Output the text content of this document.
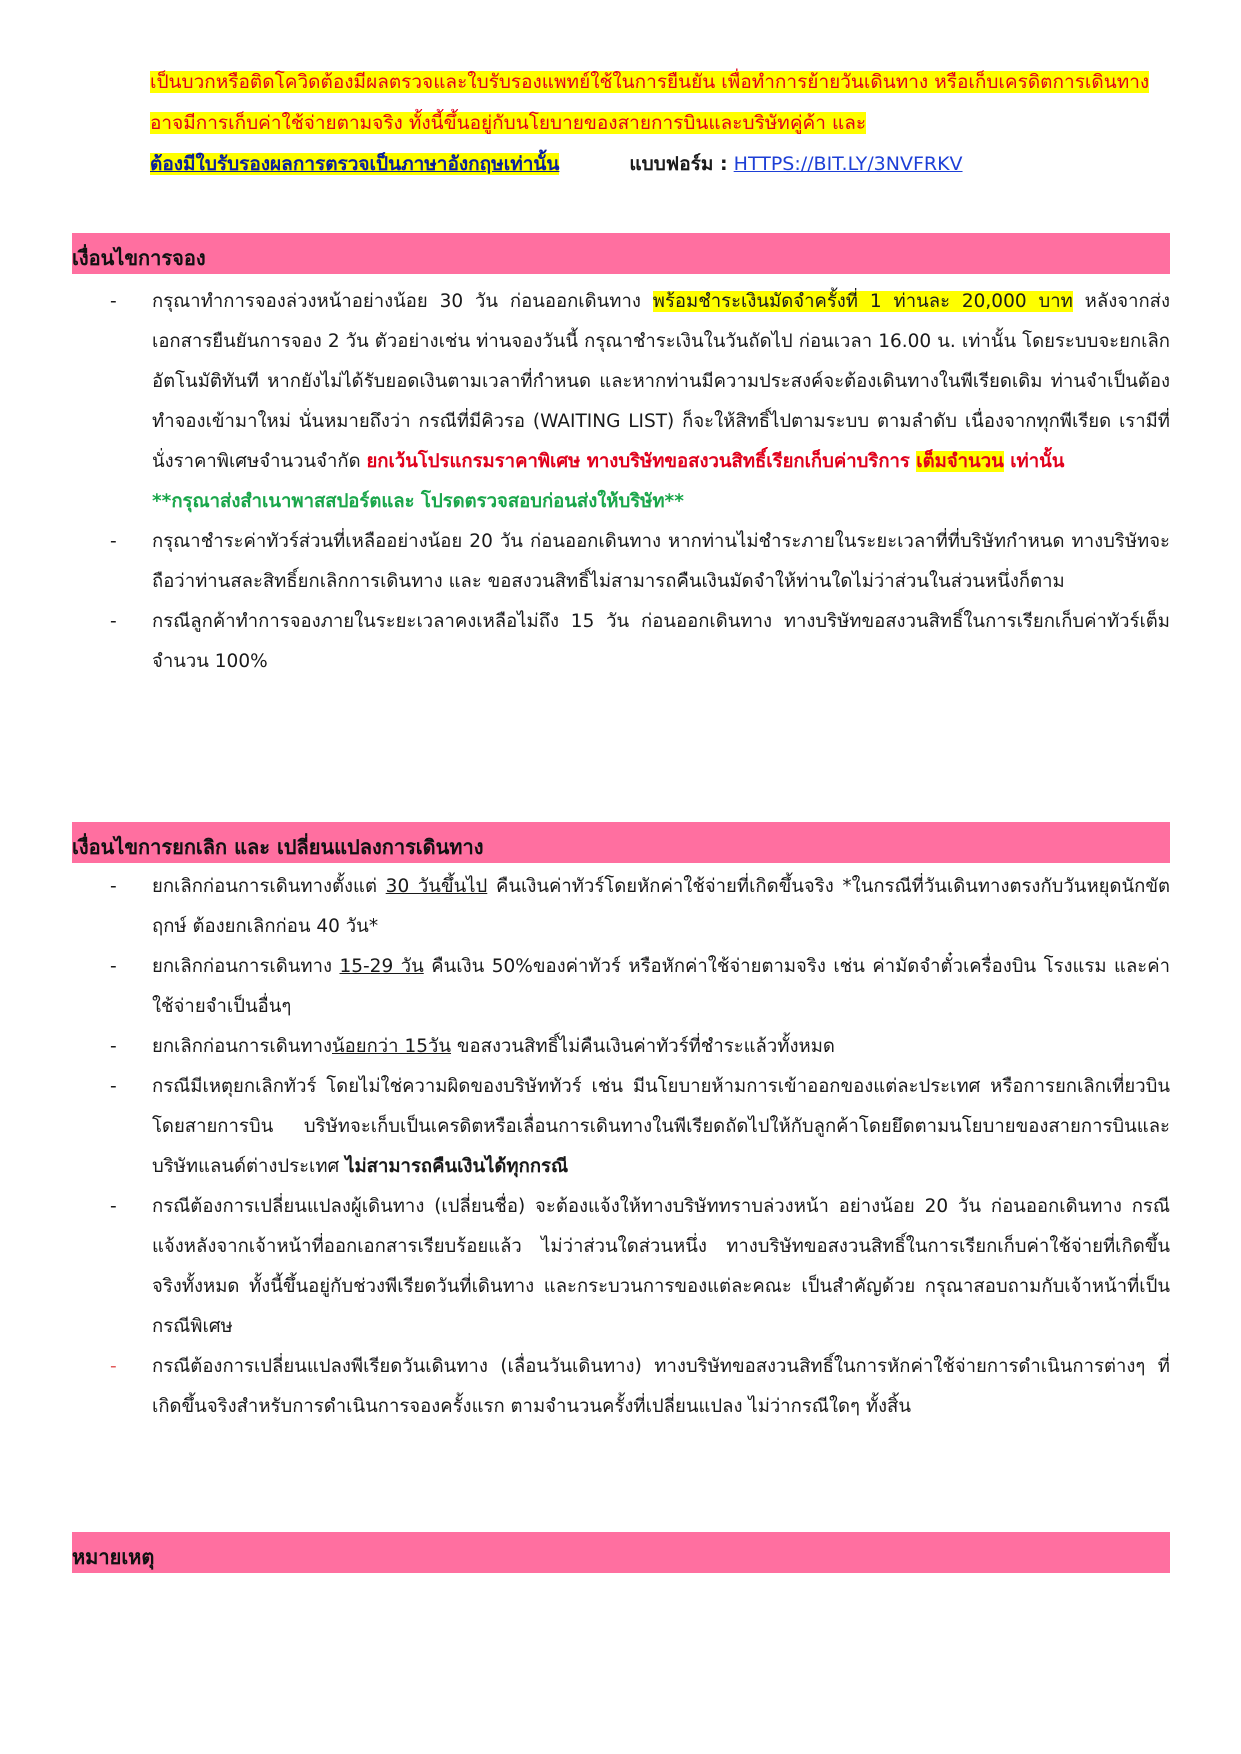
เป็นบวกหรือติดโควิดต้องมีผลตรวจและใบรับรองแพทย์ใช้ในการยืนยัน เพื่อทำการย้ายวันเดินทาง หรือเก็บเครดิตการเดินทาง อาจมีการเก็บค่าใช้จ่ายตามจริง ทั้งนี้ขึ้นอยู่กับนโยบายของสายการบินและบริษัทคู่ค้า และ
ต้องมีใบรับรองผลการตรวจเป็นภาษาอังกฤษเท่านั้น	แบบฟอร์ม : HTTPS://BIT.LY/3NVFRKV
เงื่อนไขการจอง
- กรุณาทำการจองล่วงหน้าอย่างน้อย 30 วัน ก่อนออกเดินทาง พร้อมชำระเงินมัดจำครั้งที่ 1 ท่านละ 20,000 บาท หลังจากส่งเอกสารยืนยันการจอง 2 วัน ตัวอย่างเช่น ท่านจองวันนี้ กรุณาชำระเงินในวันถัดไป ก่อนเวลา 16.00 น. เท่านั้น โดยระบบจะยกเลิกอัตโนมัติทันที หากยังไม่ได้รับยอดเงินตามเวลาที่กำหนด และหากท่านมีความประสงค์จะต้องเดินทางในพีเรียดเดิม ท่านจำเป็นต้องทำจองเข้ามาใหม่ นั่นหมายถึงว่า กรณีที่มีคิวรอ (WAITING LIST) ก็จะให้สิทธิ์ไปตามระบบ ตามลำดับ เนื่องจากทุกพีเรียด เรามีที่นั่งราคาพิเศษจำนวนจำกัด ยกเว้นโปรแกรมราคาพิเศษ ทางบริษัทขอสงวนสิทธิ์เรียกเก็บค่าบริการ เต็มจำนวน เท่านั้น
**กรุณาส่งสำเนาพาสสปอร์ตและ โปรดตรวจสอบก่อนส่งให้บริษัท**
- กรุณาชำระค่าทัวร์ส่วนที่เหลืออย่างน้อย 20 วัน ก่อนออกเดินทาง หากท่านไม่ชำระภายในระยะเวลาที่ที่บริษัทกำหนด ทางบริษัทจะถือว่าท่านสละสิทธิ์ยกเลิกการเดินทาง และ ขอสงวนสิทธิ์ไม่สามารถคืนเงินมัดจำให้ท่านใดไม่ว่าส่วนในส่วนหนึ่งก็ตาม
- กรณีลูกค้าทำการจองภายในระยะเวลาคงเหลือไม่ถึง 15 วัน ก่อนออกเดินทาง ทางบริษัทขอสงวนสิทธิ์ในการเรียกเก็บค่าทัวร์เต็มจำนวน 100%
เงื่อนไขการยกเลิก และ เปลี่ยนแปลงการเดินทาง
- ยกเลิกก่อนการเดินทางตั้งแต่ 30 วันขึ้นไป คืนเงินค่าทัวร์โดยหักค่าใช้จ่ายที่เกิดขึ้นจริง *ในกรณีที่วันเดินทางตรงกับวันหยุดนักขัตฤกษ์ ต้องยกเลิกก่อน 40 วัน*
- ยกเลิกก่อนการเดินทาง 15-29 วัน คืนเงิน 50%ของค่าทัวร์ หรือหักค่าใช้จ่ายตามจริง เช่น ค่ามัดจำตั๋วเครื่องบิน โรงแรม และค่าใช้จ่ายจำเป็นอื่นๆ
- ยกเลิกก่อนการเดินทางน้อยกว่า 15วัน ขอสงวนสิทธิ์ไม่คืนเงินค่าทัวร์ที่ชำระแล้วทั้งหมด
- กรณีมีเหตุยกเลิกทัวร์ โดยไม่ใช่ความผิดของบริษัททัวร์ เช่น มีนโยบายห้ามการเข้าออกของแต่ละประเทศ หรือการยกเลิกเที่ยวบินโดยสายการบิน บริษัทจะเก็บเป็นเครดิตหรือเลื่อนการเดินทางในพีเรียดถัดไปให้กับลูกค้าโดยยึดตามนโยบายของสายการบินและบริษัทแลนด์ต่างประเทศ ไม่สามารถคืนเงินได้ทุกกรณี
- กรณีต้องการเปลี่ยนแปลงผู้เดินทาง (เปลี่ยนชื่อ) จะต้องแจ้งให้ทางบริษัททราบล่วงหน้า อย่างน้อย 20 วัน ก่อนออกเดินทาง กรณีแจ้งหลังจากเจ้าหน้าที่ออกเอกสารเรียบร้อยแล้ว ไม่ว่าส่วนใดส่วนหนึ่ง ทางบริษัทขอสงวนสิทธิ์ในการเรียกเก็บค่าใช้จ่ายที่เกิดขึ้นจริงทั้งหมด ทั้งนี้ขึ้นอยู่กับช่วงพีเรียดวันที่เดินทาง และกระบวนการของแต่ละคณะ เป็นสำคัญด้วย กรุณาสอบถามกับเจ้าหน้าที่เป็นกรณีพิเศษ
- กรณีต้องการเปลี่ยนแปลงพีเรียดวันเดินทาง (เลื่อนวันเดินทาง) ทางบริษัทขอสงวนสิทธิ์ในการหักค่าใช้จ่ายการดำเนินการต่างๆ ที่เกิดขึ้นจริงสำหรับการดำเนินการจองครั้งแรก ตามจำนวนครั้งที่เปลี่ยนแปลง ไม่ว่ากรณีใดๆ ทั้งสิ้น
หมายเหตุ
